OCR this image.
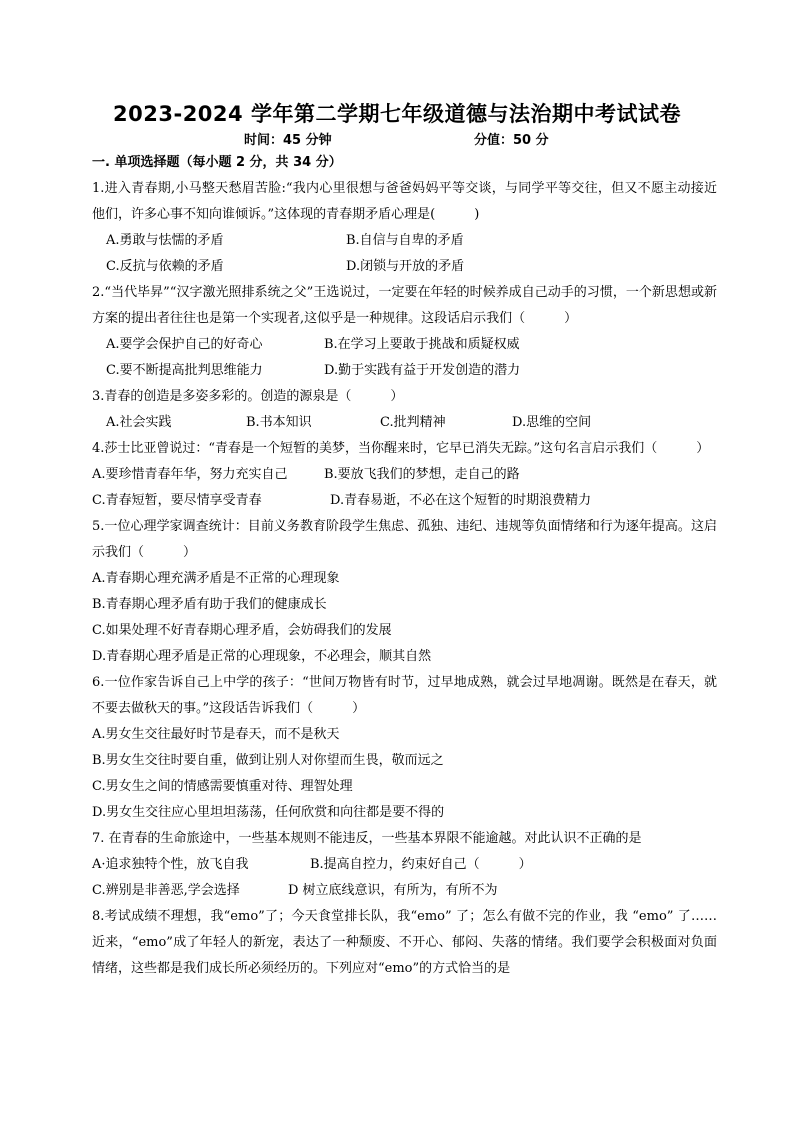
2023-2024 学年第二学期七年级道德与法治期中考试试卷
时间：45 分钟	分值：50 分
一. 单项选择题（每小题 2 分，共 34 分）
1.进入青春期,小马整天愁眉苦脸:“我内心里很想与爸爸妈妈平等交谈，与同学平等交往，但又不愿主动接近他们，许多心事不知向谁倾诉。”这体现的青春期矛盾心理是(　　　)
A.勇敢与怯懦的矛盾	B.自信与自卑的矛盾
C.反抗与依赖的矛盾	D.闭锁与开放的矛盾
2.“当代毕昇”“汉字激光照排系统之父”王选说过，一定要在年轻的时候养成自己动手的习惯，一个新思想或新方案的提出者往往也是第一个实现者,这似乎是一种规律。这段话启示我们（　　　）
A.要学会保护自己的好奇心	B.在学习上要敢于挑战和质疑权威
C.要不断提高批判思维能力	D.勤于实践有益于开发创造的潜力
3.青春的创造是多姿多彩的。创造的源泉是（　　　）
A.社会实践	B.书本知识	C.批判精神	D.思维的空间
4.莎士比亚曾说过：“青春是一个短暂的美梦，当你醒来时，它早已消失无踪。”这句名言启示我们（　　　）
A.要珍惜青春年华，努力充实自己	B.要放飞我们的梦想，走自己的路
C.青春短暂，要尽情享受青春	D.青春易逝，不必在这个短暂的时期浪费精力
5.一位心理学家调查统计：目前义务教育阶段学生焦虑、孤独、违纪、违规等负面情绪和行为逐年提高。这启示我们（　　　）
A.青春期心理充满矛盾是不正常的心理现象
B.青春期心理矛盾有助于我们的健康成长
C.如果处理不好青春期心理矛盾，会妨碍我们的发展
D.青春期心理矛盾是正常的心理现象，不必理会，顺其自然
6.一位作家告诉自己上中学的孩子：“世间万物皆有时节，过早地成熟，就会过早地凋谢。既然是在春天，就不要去做秋天的事。”这段话告诉我们（　　　）
A.男女生交往最好时节是春天，而不是秋天
B.男女生交往时要自重，做到让别人对你望而生畏，敬而远之
C.男女生之间的情感需要慎重对待、理智处理
D.男女生交往应心里坦坦荡荡，任何欣赏和向往都是要不得的
7. 在青春的生命旅途中，一些基本规则不能违反，一些基本界限不能逾越。对此认识不正确的是
A·追求独特个性，放飞自我	B.提高自控力，约束好自己（　　　）
C.辨别是非善恶,学会选择	D 树立底线意识，有所为，有所不为
8.考试成绩不理想，我“emo”了；今天食堂排长队，我“emo” 了；怎么有做不完的作业，我 “emo” 了……近来，“emo”成了年轻人的新宠，表达了一种颓废、不开心、郁闷、失落的情绪。我们要学会积极面对负面情绪，这些都是我们成长所必须经历的。下列应对“emo”的方式恰当的是
